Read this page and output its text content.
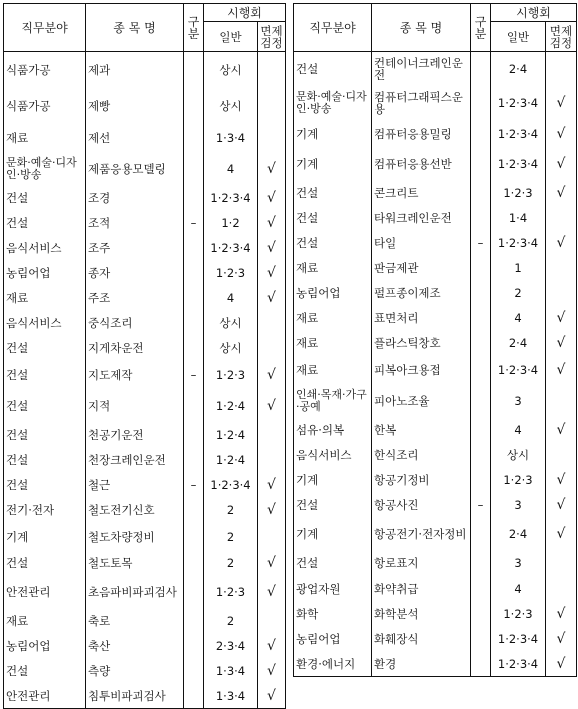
직무분야	종 목 명	구분	시행회	
			일반	면제검정
식품가공	제과		상시	
식품가공	제빵		상시	
재료	제선		1·3·4	
문화·예술·디자인·방송	제품응용모델링		4	√
건설	조경		1·2·3·4	√
건설	조적	–	1·2	√
음식서비스	조주		1·2·3·4	√
농림어업	종자		1·2·3	√
재료	주조		4	√
음식서비스	중식조리		상시	
건설	지게차운전		상시	
건설	지도제작	–	1·2·3	√
건설	지적		1·2·4	√
건설	천공기운전		1·2·4	
건설	천장크레인운전		1·2·4	
건설	철근	–	1·2·3·4	√
전기·전자	철도전기신호		2	√
기계	철도차량정비		2	
건설	철도토목		2	√
안전관리	초음파비파괴검사		1·2·3	√
재료	축로		2	
농림어업	축산		2·3·4	√
건설	측량		1·3·4	√
안전관리	침투비파괴검사		1·3·4	√
직무분야	종 목 명	구분	시행회	
			일반	면제검정
건설	컨테이너크레인운전		2·4	
문화·예술·디자인·방송	컴퓨터그래픽스운용		1·2·3·4	√
기계	컴퓨터응용밀링		1·2·3·4	√
기계	컴퓨터응용선반		1·2·3·4	√
건설	콘크리트		1·2·3	√
건설	타워크레인운전		1·4	
건설	타일	–	1·2·3·4	√
재료	판금제관		1	
농림어업	펄프종이제조		2	
재료	표면처리		4	√
재료	플라스틱창호		2·4	√
재료	피복아크용접		1·2·3·4	√
인쇄·목재·가구·공예	피아노조율		3	
섬유·의복	한복		4	√
음식서비스	한식조리		상시	
기계	항공기정비		1·2·3	√
건설	항공사진	–	3	√
기계	항공전기·전자정비		2·4	√
건설	항로표지		3	
광업자원	화약취급		4	
화학	화학분석		1·2·3	√
농림어업	화훼장식		1·2·3·4	√
환경·에너지	환경		1·2·3·4	√
